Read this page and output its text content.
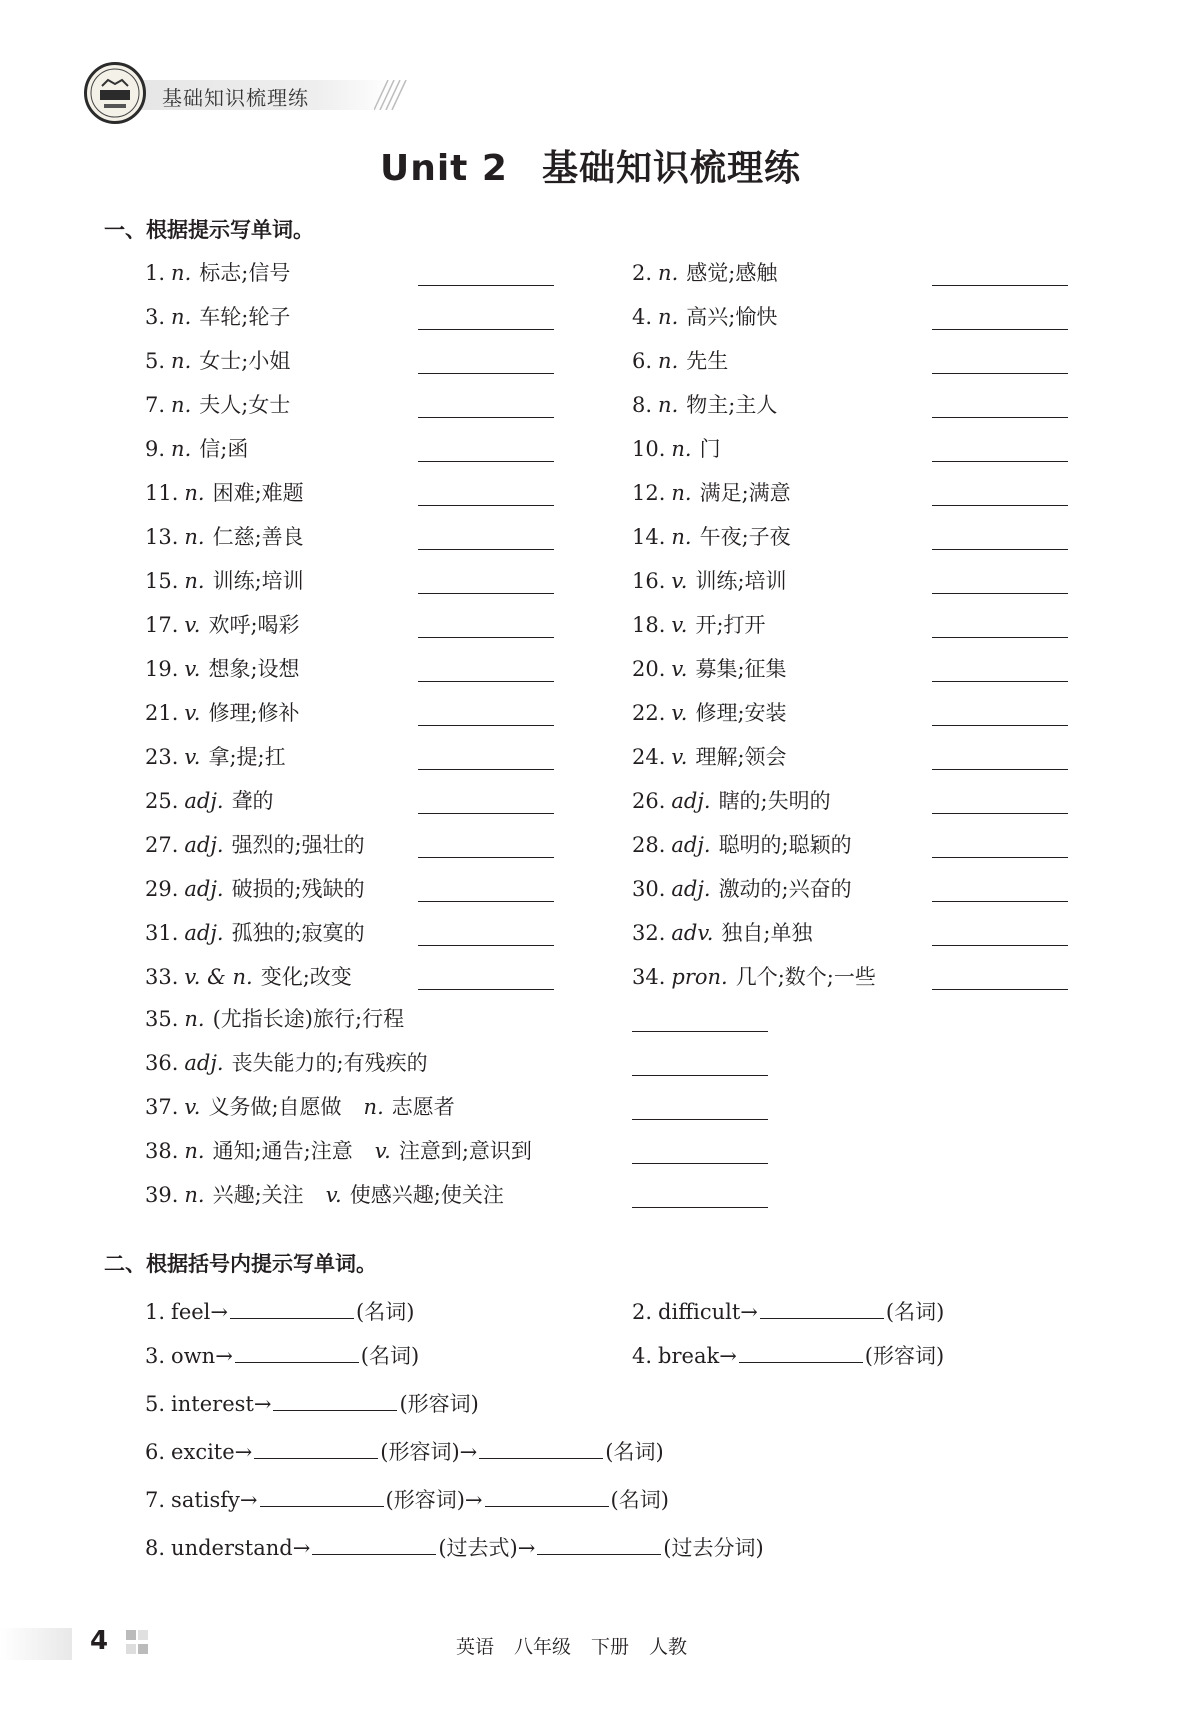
基础知识梳理练
Unit 2 基础知识梳理练
一、根据提示写单词。
1. n. 标志;信号	2. n. 感觉;感触
3. n. 车轮;轮子	4. n. 高兴;愉快
5. n. 女士;小姐	6. n. 先生
7. n. 夫人;女士	8. n. 物主;主人
9. n. 信;函	10. n. 门
11. n. 困难;难题	12. n. 满足;满意
13. n. 仁慈;善良	14. n. 午夜;子夜
15. n. 训练;培训	16. v. 训练;培训
17. v. 欢呼;喝彩	18. v. 开;打开
19. v. 想象;设想	20. v. 募集;征集
21. v. 修理;修补	22. v. 修理;安装
23. v. 拿;提;扛	24. v. 理解;领会
25. adj. 聋的	26. adj. 瞎的;失明的
27. adj. 强烈的;强壮的	28. adj. 聪明的;聪颖的
29. adj. 破损的;残缺的	30. adj. 激动的;兴奋的
31. adj. 孤独的;寂寞的	32. adv. 独自;单独
33. v. & n. 变化;改变	34. pron. 几个;数个;一些
35. n. (尤指长途)旅行;行程
36. adj. 丧失能力的;有残疾的
37. v. 义务做;自愿做 n. 志愿者
38. n. 通知;通告;注意 v. 注意到;意识到
39. n. 兴趣;关注 v. 使感兴趣;使关注
二、根据括号内提示写单词。
1. feel→	(名词)	2. difficult→	(名词)
3. own→	(名词)	4. break→	(形容词)
5. interest→	(形容词)
6. excite→	(形容词)→	(名词)
7. satisfy→	(形容词)→	(名词)
8. understand→	(过去式)→	(过去分词)
4	英语 八年级 下册 人教
